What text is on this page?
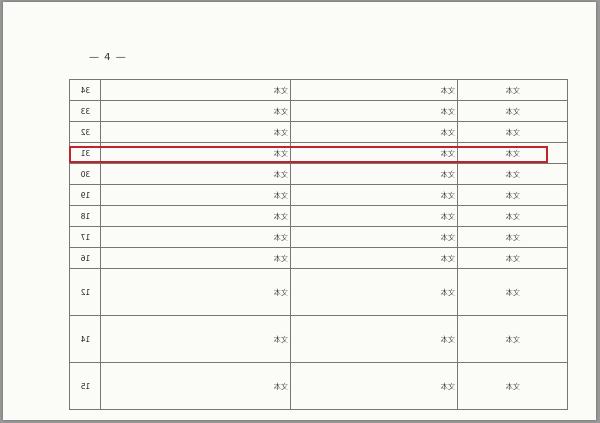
— 4 —
34	文本	文本	文本
33	文本	文本	文本
32	文本	文本	文本
31	文本	文本	文本
30	文本	文本	文本
19	文本	文本	文本
18	文本	文本	文本
17	文本	文本	文本
16	文本	文本	文本
12	文本	文本	文本
14	文本	文本	文本
15	文本	文本	文本
